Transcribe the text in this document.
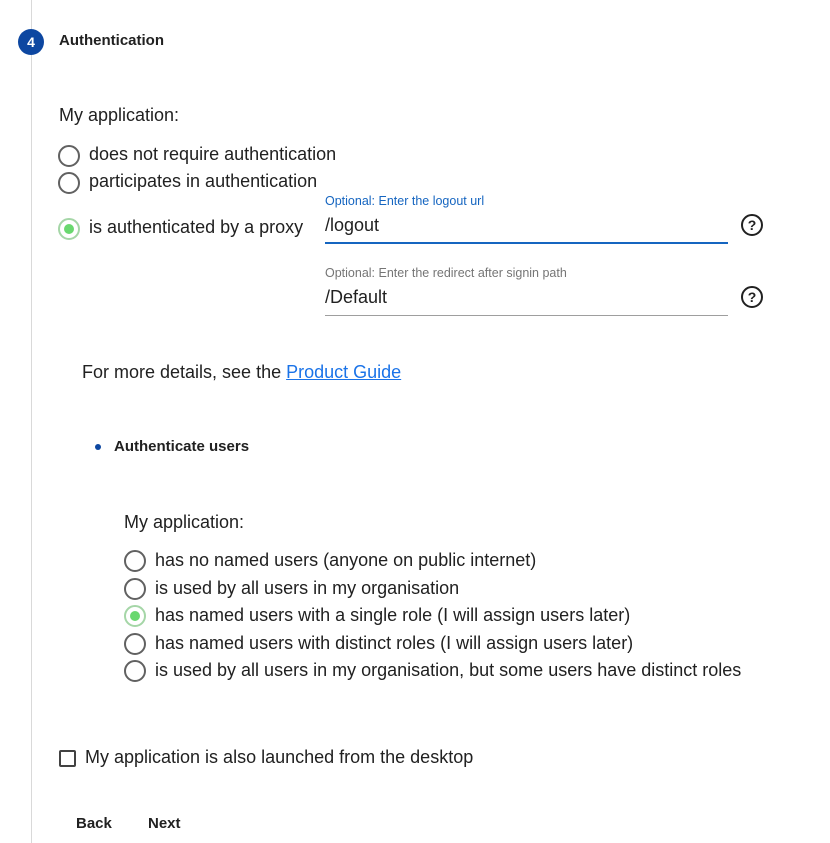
4	Authentication
My application:
does not require authentication
participates in authentication
is authenticated by a proxy
Optional: Enter the logout url
/logout	?
Optional: Enter the redirect after signin path
/Default	?
For more details, see the Product Guide
Authenticate users
My application:
has no named users (anyone on public internet)
is used by all users in my organisation
has named users with a single role (I will assign users later)
has named users with distinct roles (I will assign users later)
is used by all users in my organisation, but some users have distinct roles
My application is also launched from the desktop
Back Next
